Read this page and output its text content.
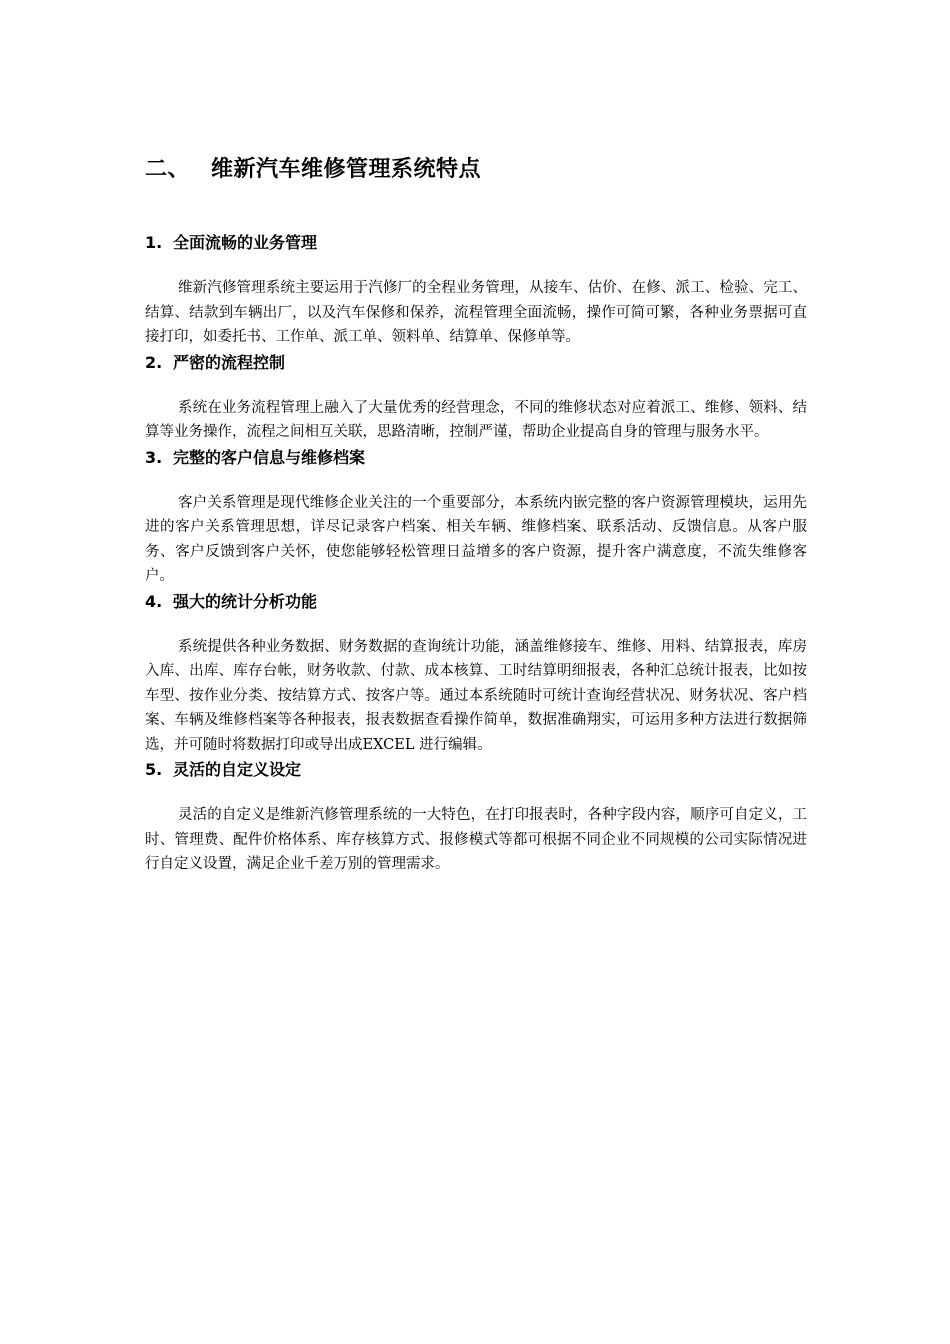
二、 维新汽车维修管理系统特点
1. 全面流畅的业务管理

维新汽修管理系统主要运用于汽修厂的全程业务管理，从接车、估价、在修、派工、检验、完工、结算、结款到车辆出厂，以及汽车保修和保养，流程管理全面流畅，操作可简可繁，各种业务票据可直接打印，如委托书、工作单、派工单、领料单、结算单、保修单等。

2. 严密的流程控制

系统在业务流程管理上融入了大量优秀的经营理念，不同的维修状态对应着派工、维修、领料、结算等业务操作，流程之间相互关联，思路清晰，控制严谨，帮助企业提高自身的管理与服务水平。

3. 完整的客户信息与维修档案

客户关系管理是现代维修企业关注的一个重要部分，本系统内嵌完整的客户资源管理模块，运用先进的客户关系管理思想，详尽记录客户档案、相关车辆、维修档案、联系活动、反馈信息。从客户服务、客户反馈到客户关怀，使您能够轻松管理日益增多的客户资源，提升客户满意度，不流失维修客户。

4. 强大的统计分析功能

系统提供各种业务数据、财务数据的查询统计功能，涵盖维修接车、维修、用料、结算报表，库房入库、出库、库存台帐，财务收款、付款、成本核算、工时结算明细报表，各种汇总统计报表，比如按车型、按作业分类、按结算方式、按客户等。通过本系统随时可统计查询经营状况、财务状况、客户档案、车辆及维修档案等各种报表，报表数据查看操作简单，数据准确翔实，可运用多种方法进行数据筛选，并可随时将数据打印或导出成EXCEL 进行编辑。

5. 灵活的自定义设定

灵活的自定义是维新汽修管理系统的一大特色，在打印报表时，各种字段内容，顺序可自定义，工时、管理费、配件价格体系、库存核算方式、报修模式等都可根据不同企业不同规模的公司实际情况进行自定义设置，满足企业千差万别的管理需求。
